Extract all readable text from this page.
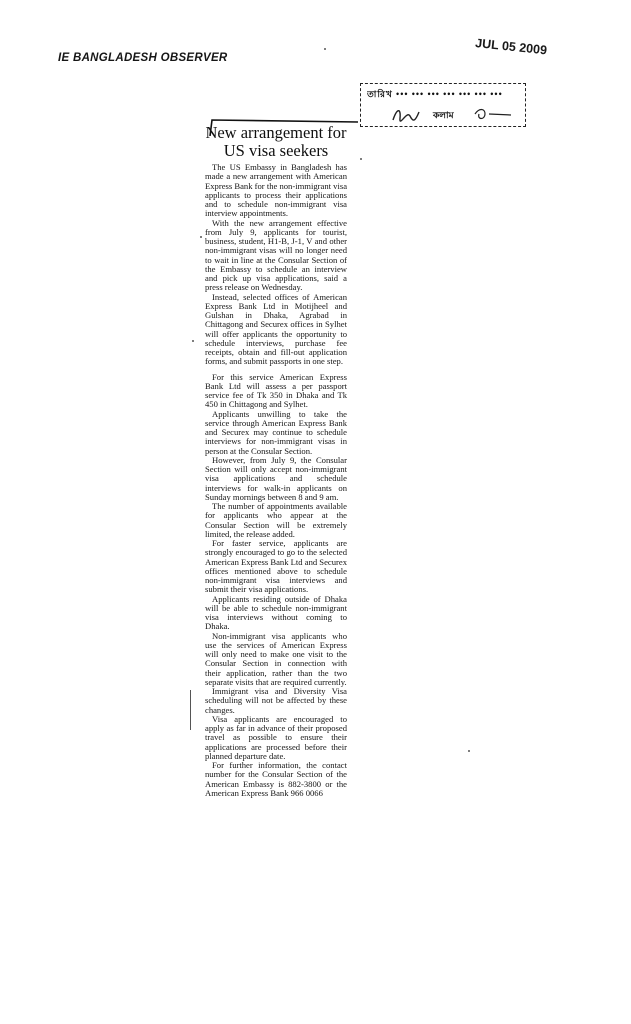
IE BANGLADESH OBSERVER
JUL 05 2009
তারিখ ••• ••• ••• ••• ••• ••• •••
কলাম
New arrangement for US visa seekers

The US Embassy in Bangladesh has made a new arrangement with American Express Bank for the non-immigrant visa applicants to process their applications and to schedule non-immigrant visa interview appointments.

With the new arrangement effective from July 9, applicants for tourist, business, student, H1-B, J-1, V and other non-immigrant visas will no longer need to wait in line at the Consular Section of the Embassy to schedule an interview and pick up visa applications, said a press release on Wednesday.

Instead, selected offices of American Express Bank Ltd in Motijheel and Gulshan in Dhaka, Agrabad in Chittagong and Securex offices in Sylhet will offer applicants the opportunity to schedule interviews, purchase fee receipts, obtain and fill-out application forms, and submit passports in one step.

For this service American Express Bank Ltd will assess a per passport service fee of Tk 350 in Dhaka and Tk 450 in Chittagong and Sylhet.

Applicants unwilling to take the service through American Express Bank and Securex may continue to schedule interviews for non-immigrant visas in person at the Consular Section.

However, from July 9, the Consular Section will only accept non-immigrant visa applications and schedule interviews for walk-in applicants on Sunday mornings between 8 and 9 am.

The number of appointments available for applicants who appear at the Consular Section will be extremely limited, the release added.

For faster service, applicants are strongly encouraged to go to the selected American Express Bank Ltd and Securex offices mentioned above to schedule non-immigrant visa interviews and submit their visa applications.

Applicants residing outside of Dhaka will be able to schedule non-immigrant visa interviews without coming to Dhaka.

Non-immigrant visa applicants who use the services of American Express will only need to make one visit to the Consular Section in connection with their application, rather than the two separate visits that are required currently.

Immigrant visa and Diversity Visa scheduling will not be affected by these changes.

Visa applicants are encouraged to apply as far in advance of their proposed travel as possible to ensure their applications are processed before their planned departure date.

For further information, the contact number for the Consular Section of the American Embassy is 882-3800 or the American Express Bank 966 0066
